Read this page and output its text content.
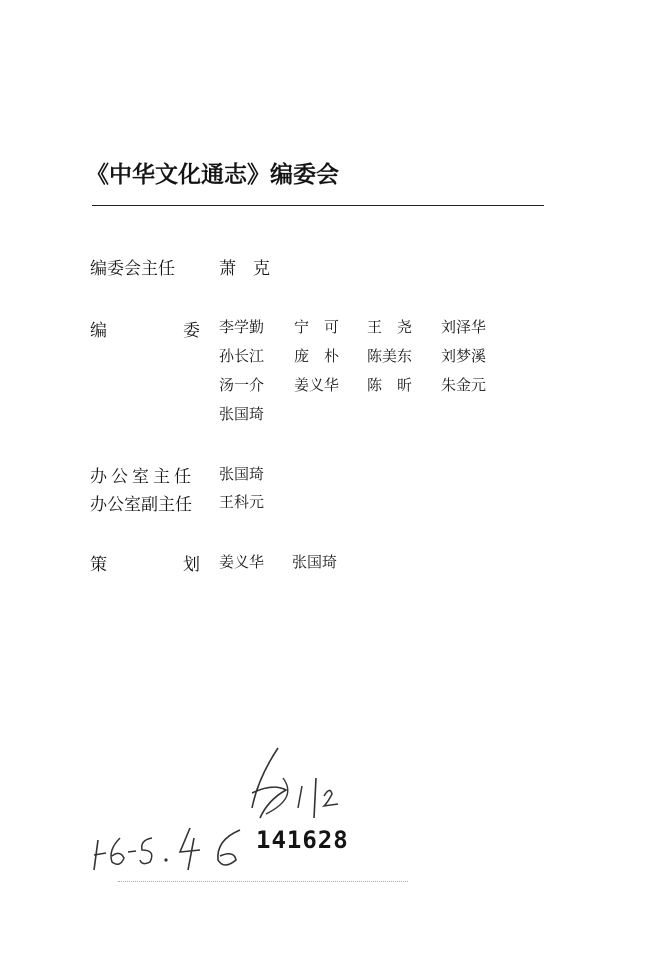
《中华文化通志》编委会
编委会主任	萧　克
编	委 李学勤 宁　可 王　尧 刘泽华
孙长江 庞　朴 陈美东 刘梦溪
汤一介 姜义华 陈　昕 朱金元
张国琦
办公室主任 张国琦
办公室副主任 王科元
策	划 姜义华 张国琦
141628
